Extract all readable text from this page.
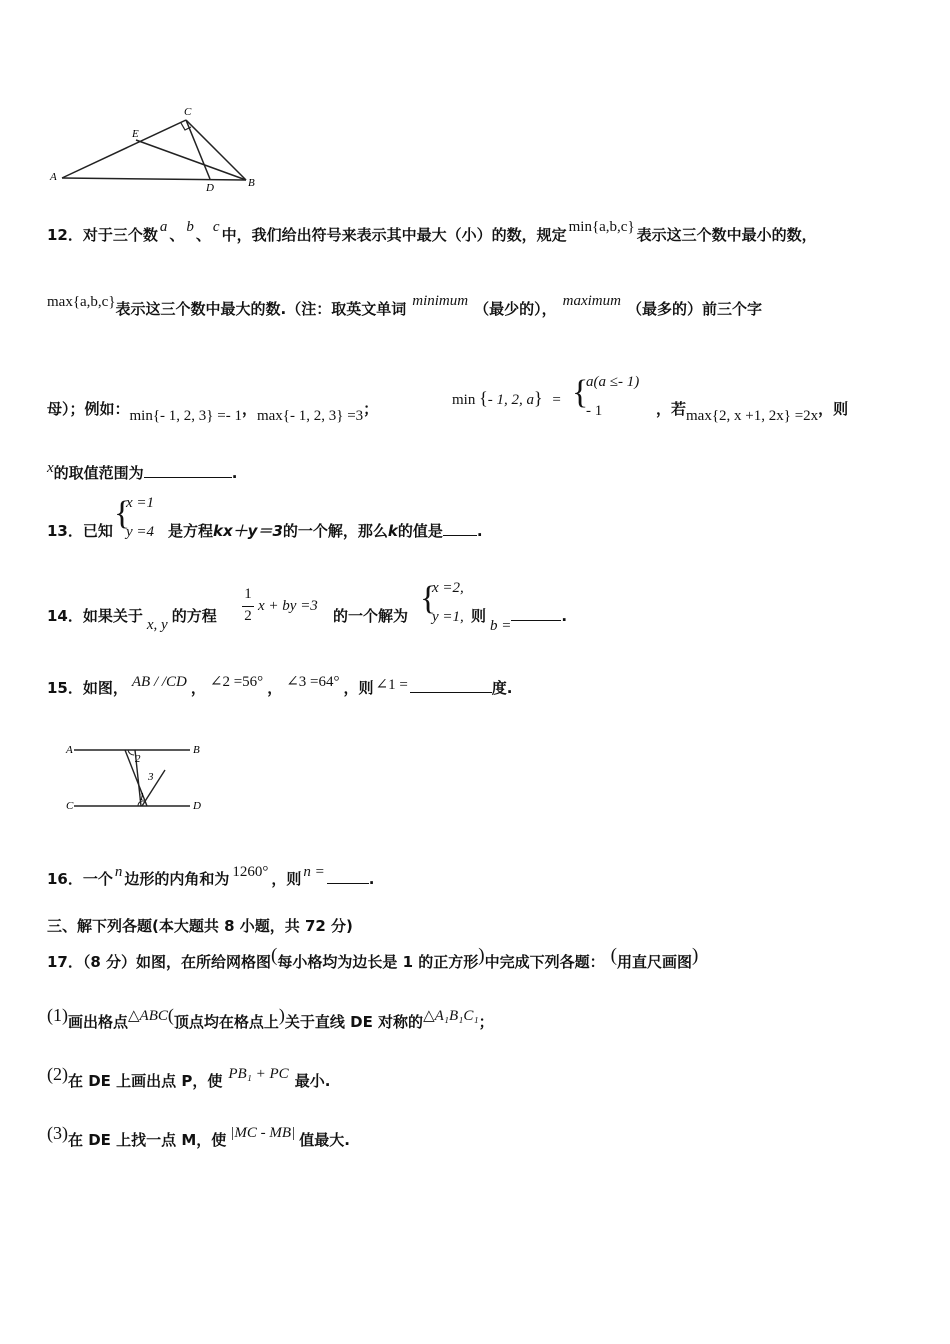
A	B
C
D
E
12．对于三个数 a 、 b 、 c 中，我们给出符号来表示其中最大（小）的数，规定 min{a,b,c} 表示这三个数中最小的数，
max{a,b,c}表示这三个数中最大的数.（注：取英文单词 minimum （最少的）， maximum （最多的）前三个字
母）；例如：min{- 1, 2, 3} =- 1，max{- 1, 2, 3} =3；	min {- 1, 2, a} = {
a(a ≤- 1)
- 1	，若max{2, x +1, 2x} =2x，则
x的取值范围为	.
13．已知 {
x =1
y =4 是方程kx＋y＝3的一个解，那么k的值是 .
14．如果关于 x, y 的方程
1
2
x + by =3
的一个解为 {
x =2,
y =1, 则b =.
15．如图， AB / /CD ， ∠2 =56° ， ∠3 =64° ，则 ∠1 =	度.
A	B
C	D
1
2
3
16．一个 n 边形的内角和为 1260° ，则 n =	.
三、解下列各题(本大题共 8 小题，共 72 分)
17．（8 分）如图，在所给网格图(每小格均为边长是 1 的正方形)中完成下列各题： (用直尺画图)
(1)画出格点△ABC(顶点均在格点上)关于直线 DE 对称的△A₁B₁C₁；
(2)在 DE 上画出点 P，使 PB₁ + PC 最小.
(3)在 DE 上找一点 M，使 |MC - MB| 值最大.
